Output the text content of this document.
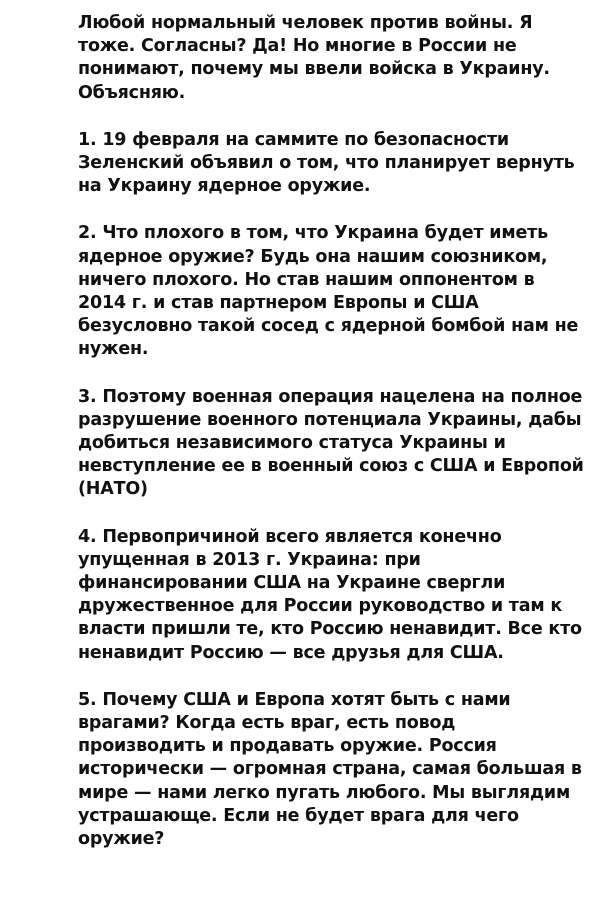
Любой нормальный человек против войны. Я тоже. Согласны? Да! Но многие в России не понимают, почему мы ввели войска в Украину. Объясняю.

1. 19 февраля на саммите по безопасности Зеленский объявил о том, что планирует вернуть на Украину ядерное оружие.

2. Что плохого в том, что Украина будет иметь ядерное оружие? Будь она нашим союзником, ничего плохого. Но став нашим оппонентом в 2014 г. и став партнером Европы и США безусловно такой сосед с ядерной бомбой нам не нужен.

3. Поэтому военная операция нацелена на полное разрушение военного потенциала Украины, дабы добиться независимого статуса Украины и невступление ее в военный союз с США и Европой (НАТО)

4. Первопричиной всего является конечно упущенная в 2013 г. Украина: при финансировании США на Украине свергли дружественное для России руководство и там к власти пришли те, кто Россию ненавидит. Все кто ненавидит Россию — все друзья для США.

5. Почему США и Европа хотят быть с нами врагами? Когда есть враг, есть повод производить и продавать оружие. Россия исторически — огромная страна, самая большая в мире — нами легко пугать любого. Мы выглядим устрашающе. Если не будет врага для чего оружие?
